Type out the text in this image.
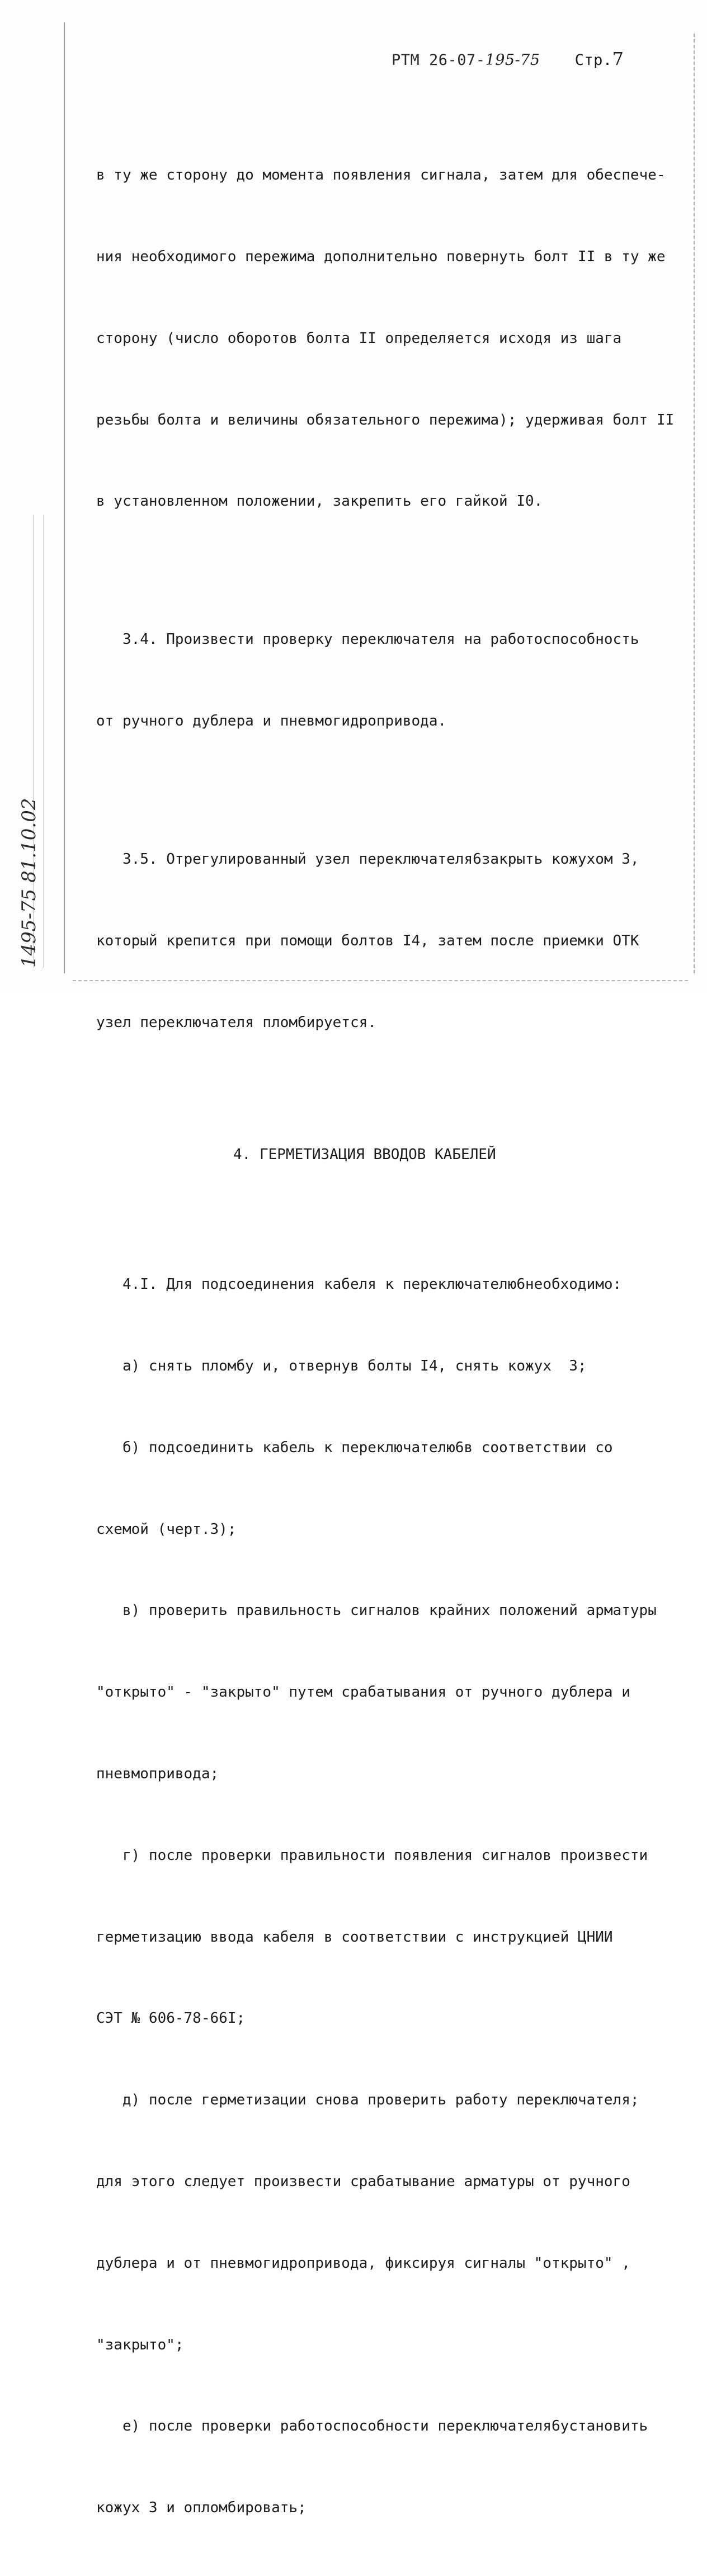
РТМ 26-07-195-75 Стр.7

в ту же сторону до момента появления сигнала, затем для обеспече-

ния необходимого пережима дополнительно повернуть болт II в ту же

сторону (число оборотов болта II определяется исходя из шага

резьбы болта и величины обязательного пережима); удерживая болт II

в установленном положении, закрепить его гайкой I0.

3.4. Произвести проверку переключателя на работоспособность

от ручного дублера и пневмогидропривода.

3.5. Отрегулированный узел переключателя6закрыть кожухом 3,

который крепится при помощи болтов I4, затем после приемки ОТК

узел переключателя пломбируется.

4. ГЕРМЕТИЗАЦИЯ ВВОДОВ КАБЕЛЕЙ

4.I. Для подсоединения кабеля к переключателю6необходимо:

а) снять пломбу и, отвернув болты I4, снять кожух  3;

б) подсоединить кабель к переключателю6в соответствии со

схемой (черт.3);

в) проверить правильность сигналов крайних положений арматуры

"открыто" - "закрыто" путем срабатывания от ручного дублера и

пневмопривода;

г) после проверки правильности появления сигналов произвести

герметизацию ввода кабеля в соответствии с инструкцией ЦНИИ

СЭТ № 606-78-66I;

д) после герметизации снова проверить работу переключателя;

для этого следует произвести срабатывание арматуры от ручного

дублера и от пневмогидропривода, фиксируя сигналы "открыто" ,

"закрыто";

е) после проверки работоспособности переключателя6установить

кожух 3 и опломбировать;

1495-75 81.10.02
